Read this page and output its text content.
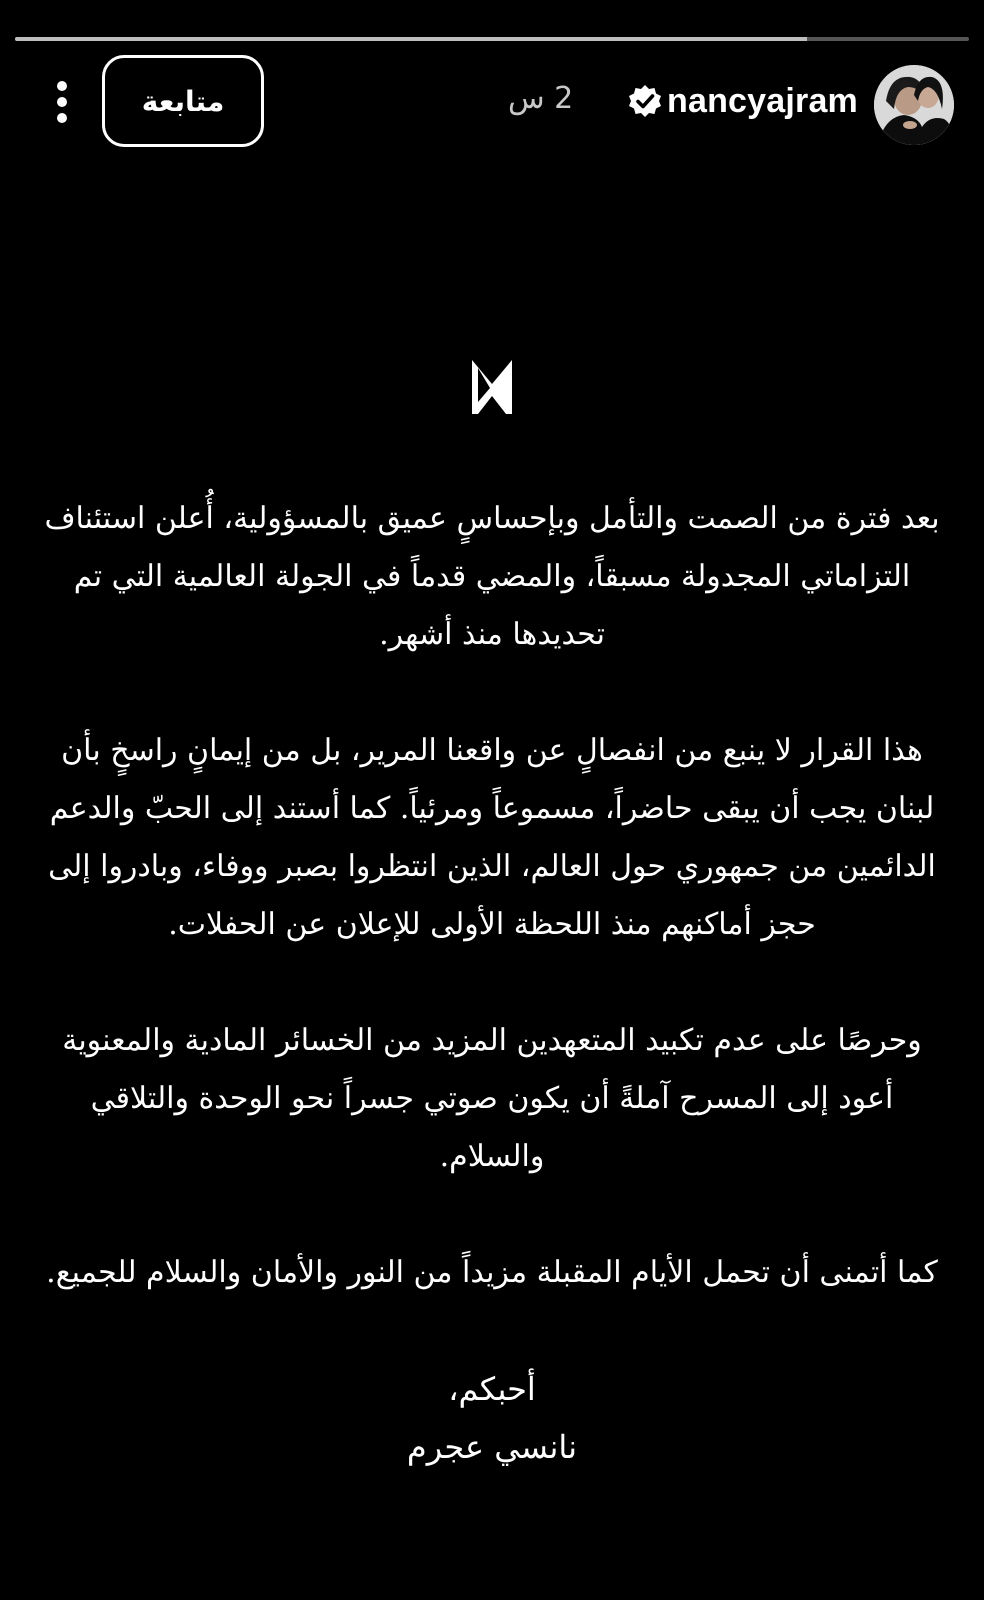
متابعة	2 س	nancyajram

بعد فترة من الصمت والتأمل وبإحساسٍ عميق بالمسؤولية، أُعلن استئناف التزاماتي المجدولة مسبقاً، والمضي قدماً في الجولة العالمية التي تم تحديدها منذ أشهر.

هذا القرار لا ينبع من انفصالٍ عن واقعنا المرير، بل من إيمانٍ راسخٍ بأن لبنان يجب أن يبقى حاضراً، مسموعاً ومرئياً. كما أستند إلى الحبّ والدعم الدائمين من جمهوري حول العالم، الذين انتظروا بصبر ووفاء، وبادروا إلى حجز أماكنهم منذ اللحظة الأولى للإعلان عن الحفلات.

وحرصًا على عدم تكبيد المتعهدين المزيد من الخسائر المادية والمعنوية أعود إلى المسرح آملةً أن يكون صوتي جسراً نحو الوحدة والتلاقي والسلام.

كما أتمنى أن تحمل الأيام المقبلة مزيداً من النور والأمان والسلام للجميع.

أحبكم،

نانسي عجرم
